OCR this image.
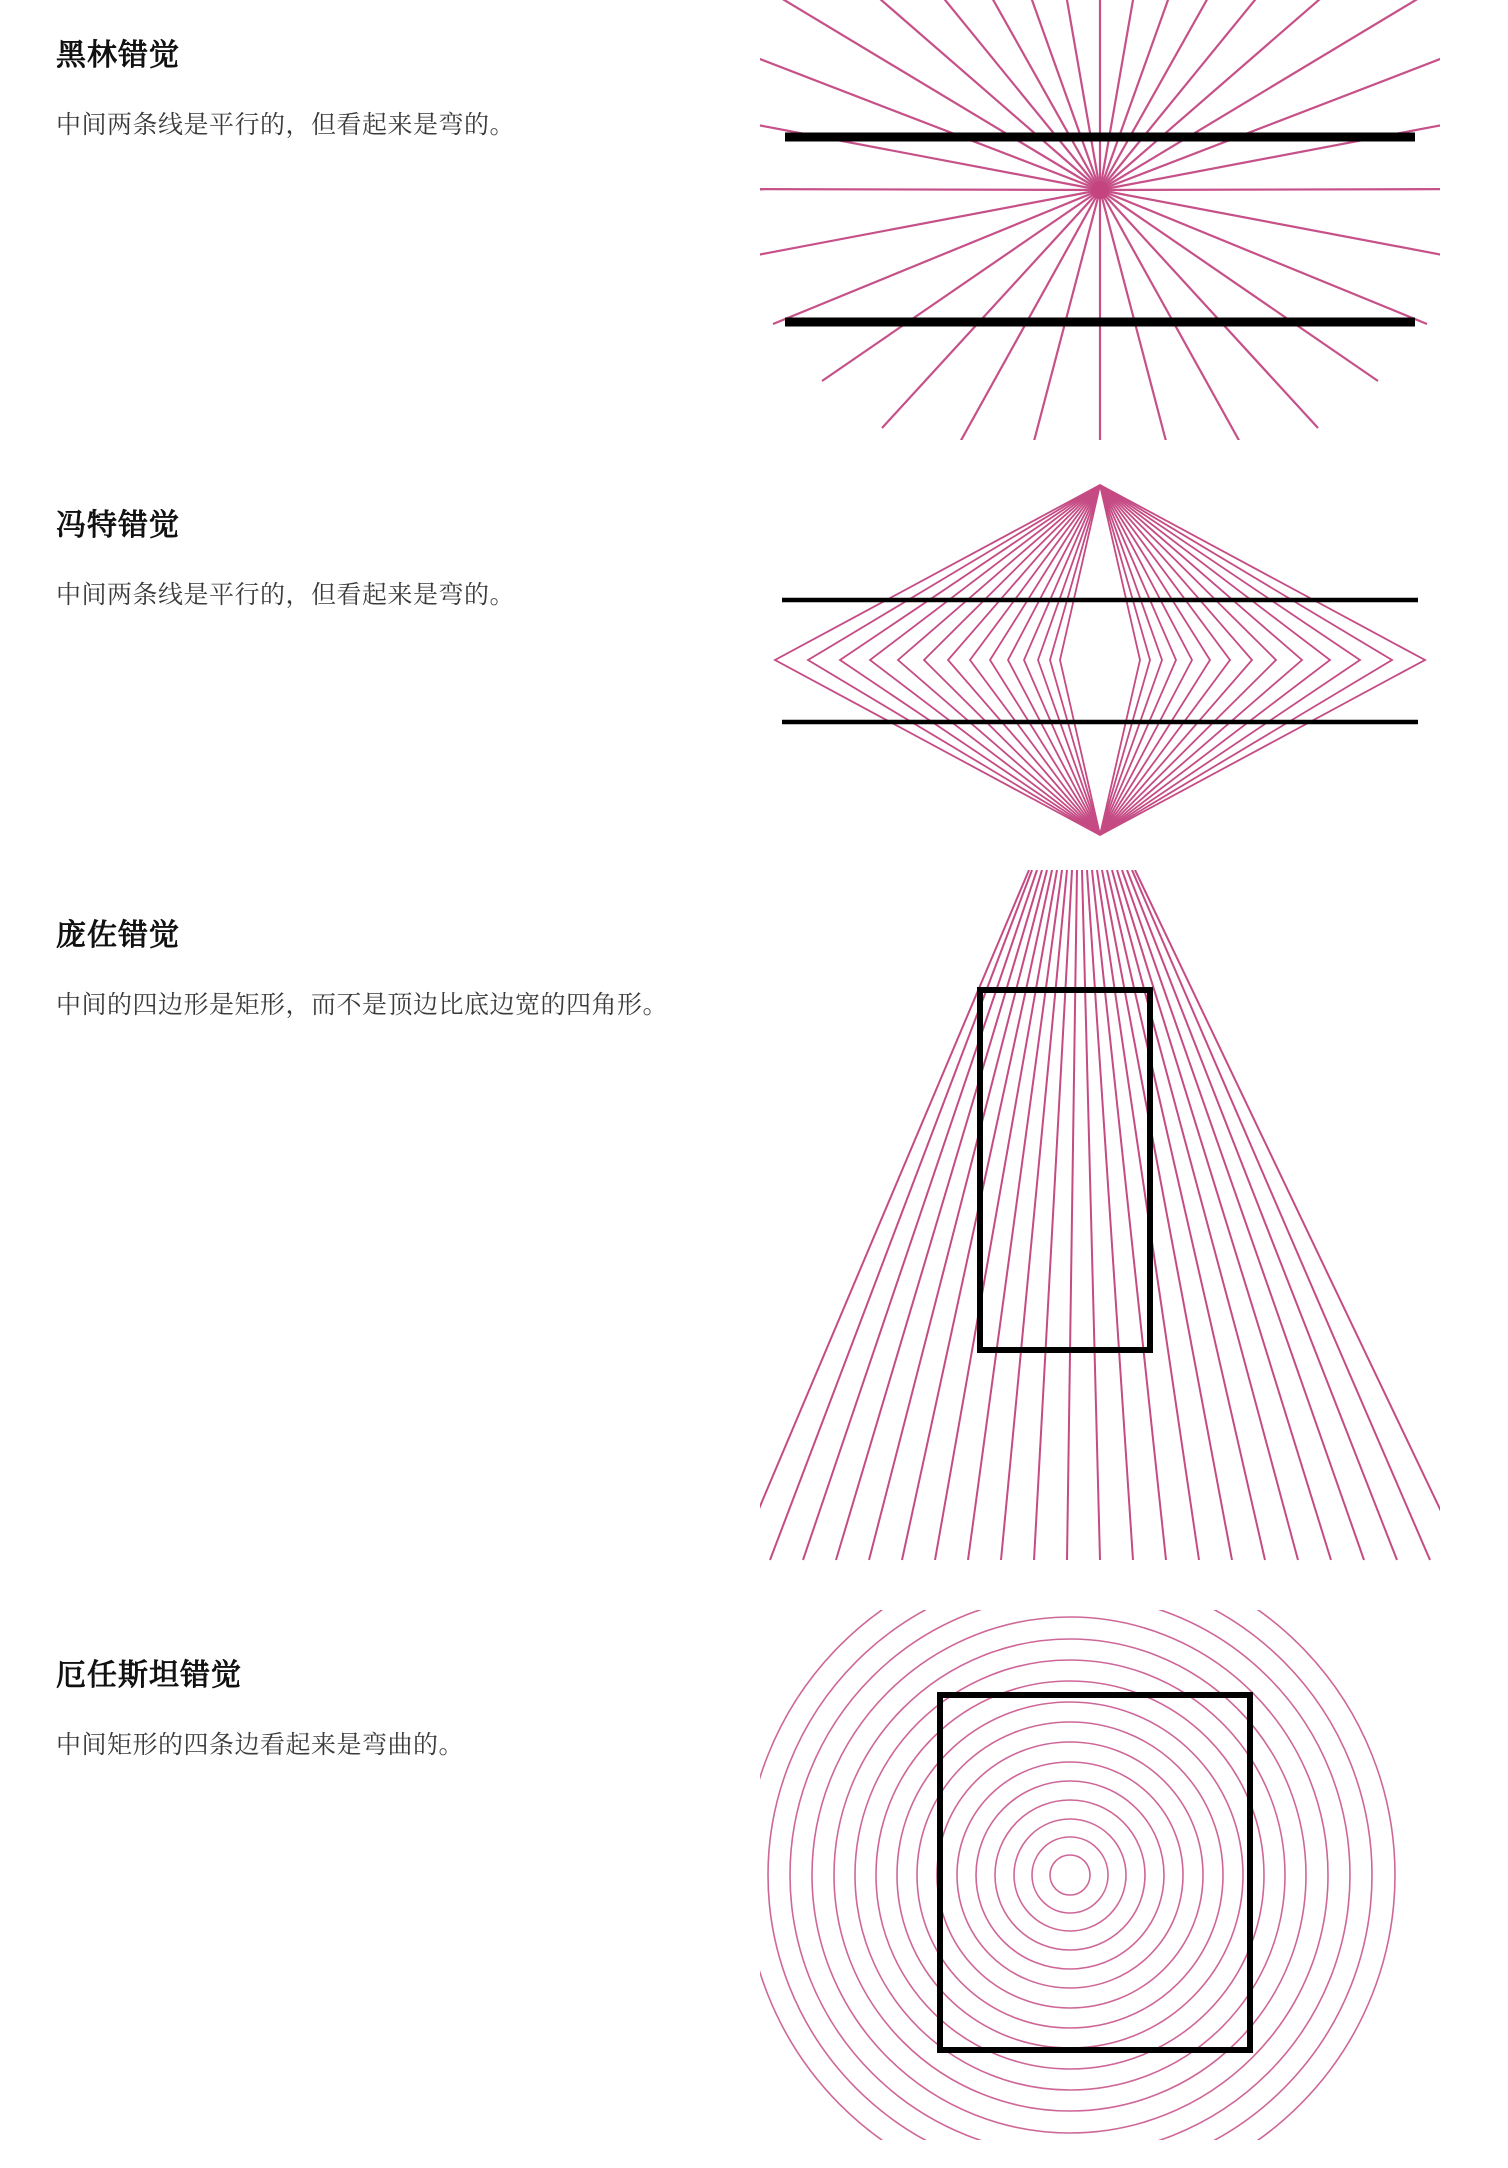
黑林错觉

中间两条线是平行的，但看起来是弯的。

冯特错觉

中间两条线是平行的，但看起来是弯的。

庞佐错觉

中间的四边形是矩形，而不是顶边比底边宽的四角形。

厄任斯坦错觉

中间矩形的四条边看起来是弯曲的。
